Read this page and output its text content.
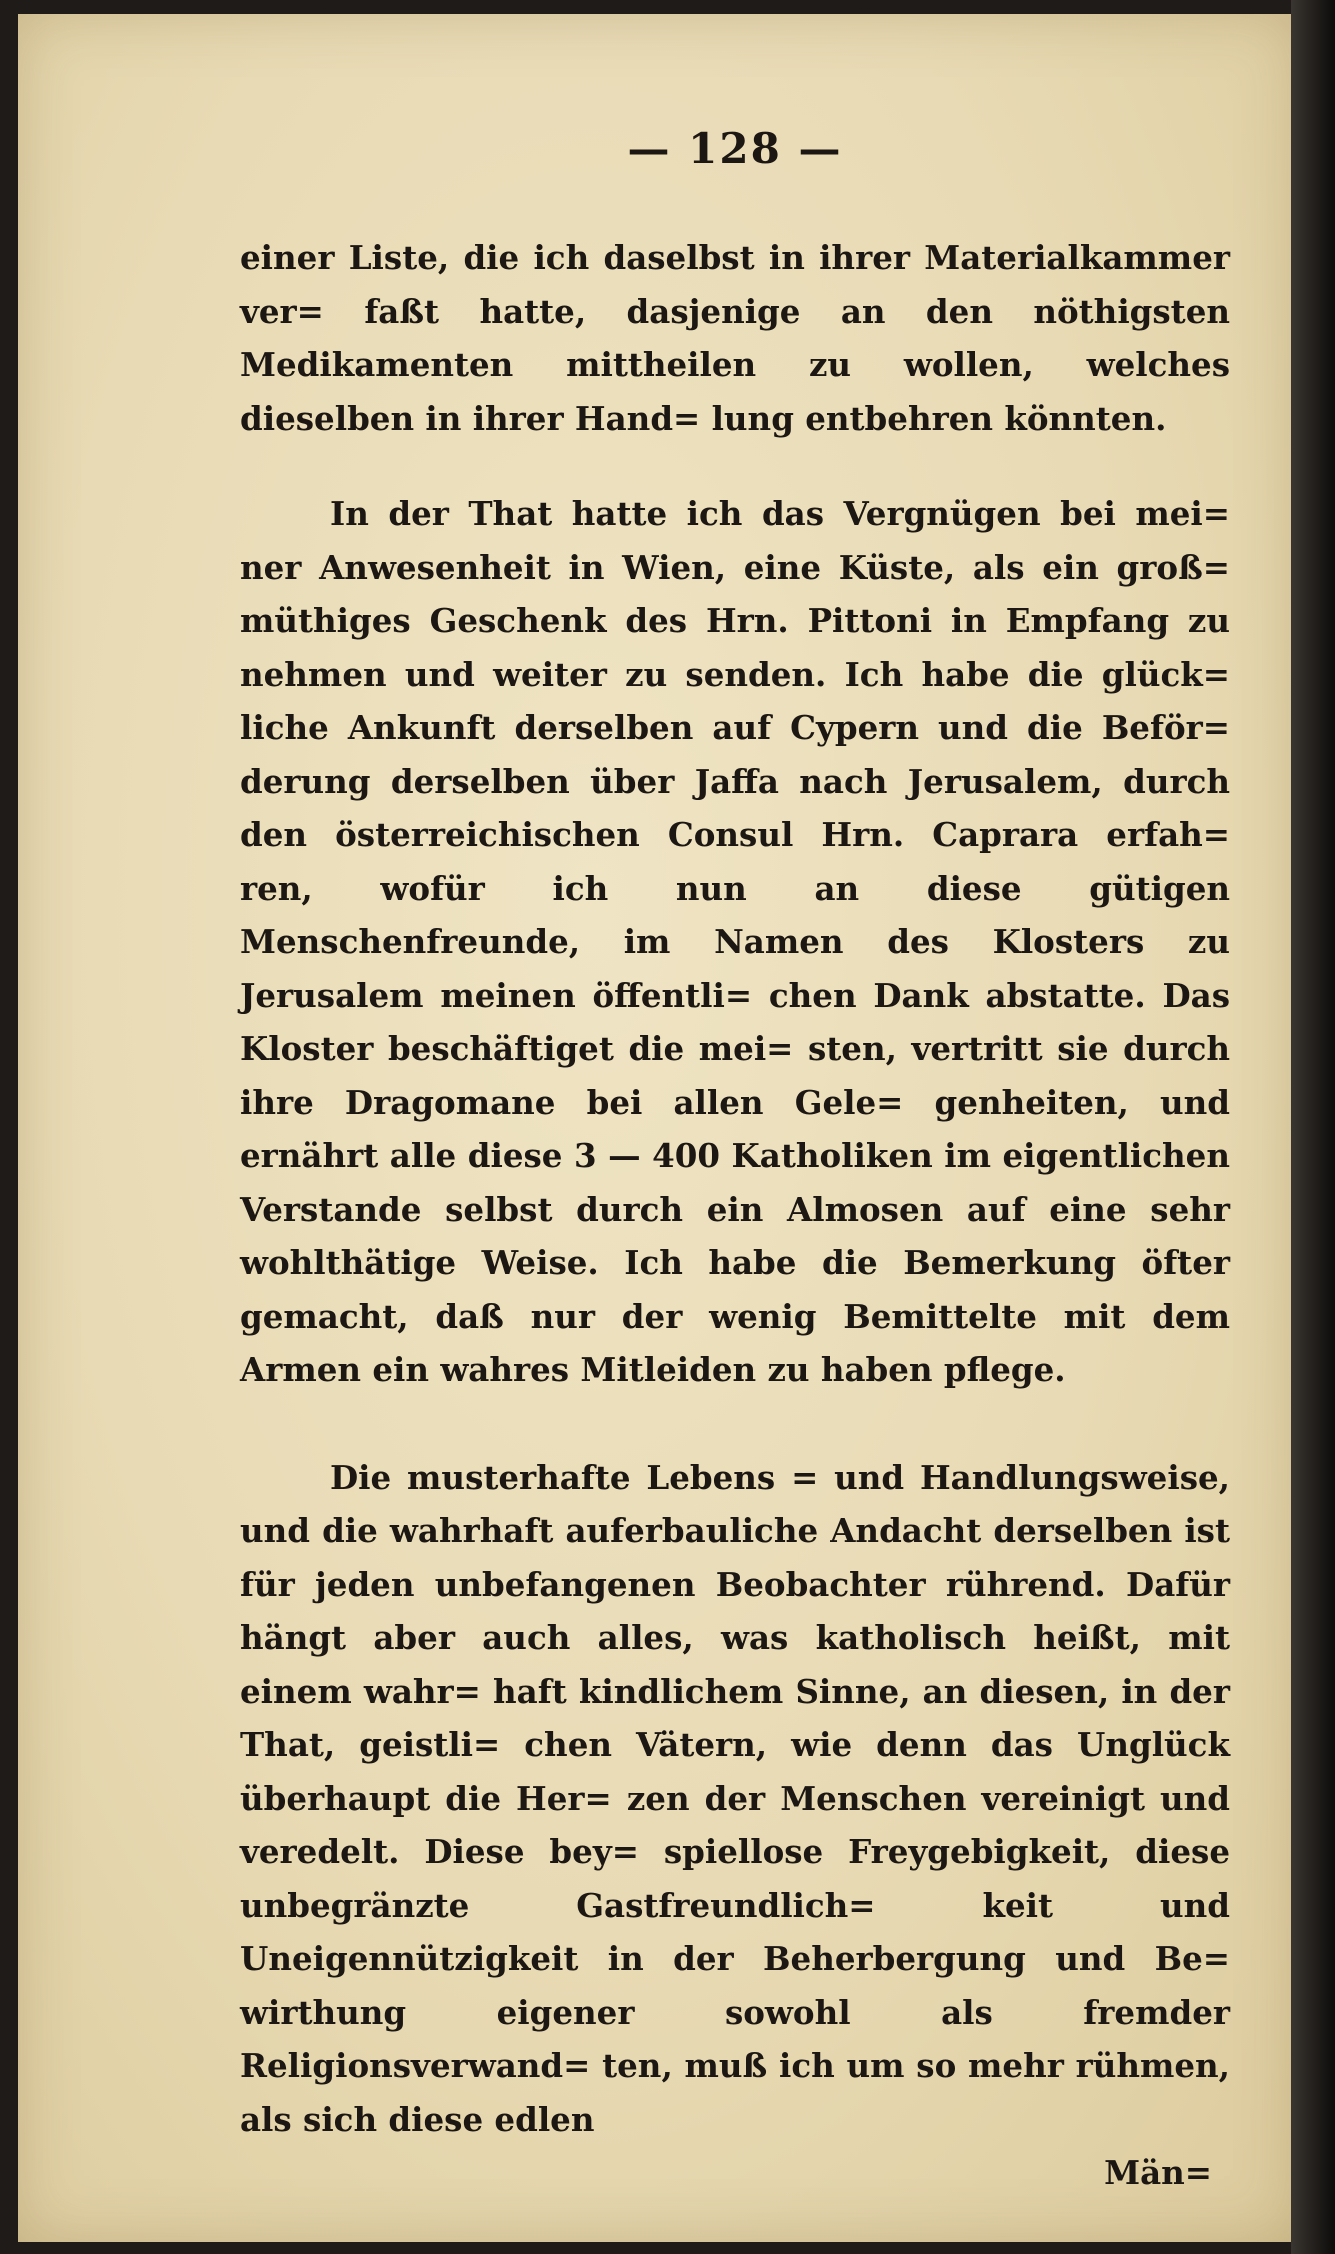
— 128 —

einer Liste, die ich daselbst in ihrer Materialkammer ver= faßt hatte, dasjenige an den nöthigsten Medikamenten mittheilen zu wollen, welches dieselben in ihrer Hand= lung entbehren könnten.

In der That hatte ich das Vergnügen bei mei= ner Anwesenheit in Wien, eine Küste, als ein groß= müthiges Geschenk des Hrn. Pittoni in Empfang zu nehmen und weiter zu senden. Ich habe die glück= liche Ankunft derselben auf Cypern und die Beför= derung derselben über Jaffa nach Jerusalem, durch den österreichischen Consul Hrn. Caprara erfah= ren, wofür ich nun an diese gütigen Menschenfreunde, im Namen des Klosters zu Jerusalem meinen öffentli= chen Dank abstatte. Das Kloster beschäftiget die mei= sten, vertritt sie durch ihre Dragomane bei allen Gele= genheiten, und ernährt alle diese 3 — 400 Katholiken im eigentlichen Verstande selbst durch ein Almosen auf eine sehr wohlthätige Weise. Ich habe die Bemerkung öfter gemacht, daß nur der wenig Bemittelte mit dem Armen ein wahres Mitleiden zu haben pflege.

Die musterhafte Lebens = und Handlungsweise, und die wahrhaft auferbauliche Andacht derselben ist für jeden unbefangenen Beobachter rührend. Dafür hängt aber auch alles, was katholisch heißt, mit einem wahr= haft kindlichem Sinne, an diesen, in der That, geistli= chen Vätern, wie denn das Unglück überhaupt die Her= zen der Menschen vereinigt und veredelt. Diese bey= spiellose Freygebigkeit, diese unbegränzte Gastfreundlich= keit und Uneigennützigkeit in der Beherbergung und Be= wirthung eigener sowohl als fremder Religionsverwand= ten, muß ich um so mehr rühmen, als sich diese edlen

Män=
